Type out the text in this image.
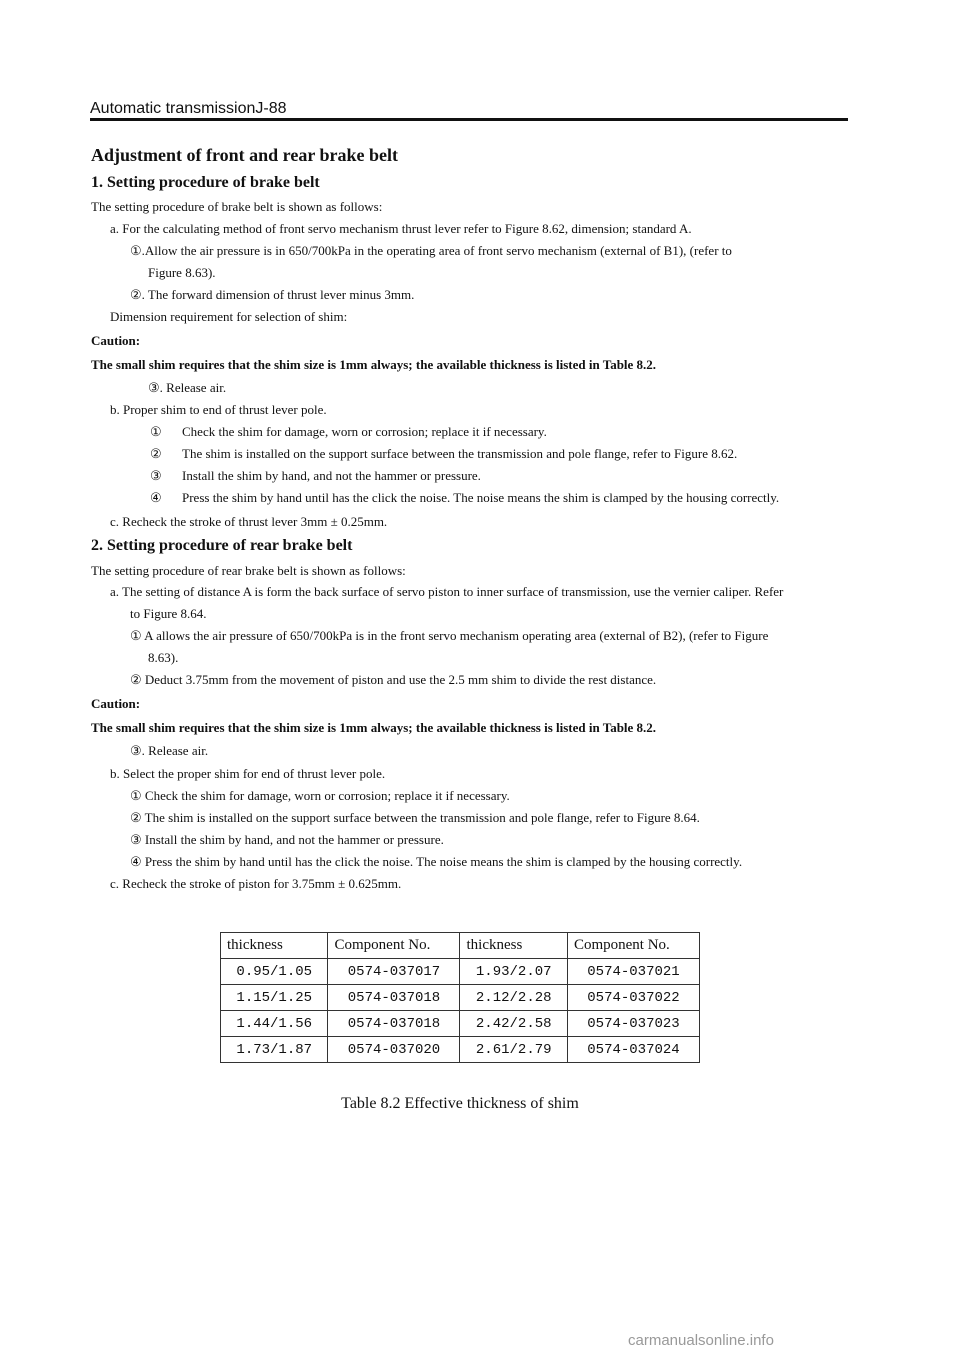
Automatic transmissionJ-88
Adjustment of front and rear brake belt
1. Setting procedure of brake belt
The setting procedure of brake belt is shown as follows:
a. For the calculating method of front servo mechanism thrust lever refer to Figure 8.62, dimension; standard A.
①.Allow the air pressure is in 650/700kPa in the operating area of front servo mechanism (external of B1), (refer to
Figure 8.63).
②. The forward dimension of thrust lever minus 3mm.
Dimension requirement for selection of shim:
Caution:
The small shim requires that the shim size is 1mm always; the available thickness is listed in Table 8.2.
③. Release air.
b. Proper shim to end of thrust lever pole.
① Check the shim for damage, worn or corrosion; replace it if necessary.
② The shim is installed on the support surface between the transmission and pole flange, refer to Figure 8.62.
③ Install the shim by hand, and not the hammer or pressure.
④ Press the shim by hand until has the click the noise. The noise means the shim is clamped by the housing correctly.
c. Recheck the stroke of thrust lever 3mm ± 0.25mm.
2. Setting procedure of rear brake belt
The setting procedure of rear brake belt is shown as follows:
a. The setting of distance A is form the back surface of servo piston to inner surface of transmission, use the vernier caliper. Refer
to Figure 8.64.
① A allows the air pressure of 650/700kPa is in the front servo mechanism operating area (external of B2), (refer to Figure
8.63).
② Deduct 3.75mm from the movement of piston and use the 2.5 mm shim to divide the rest distance.
Caution:
The small shim requires that the shim size is 1mm always; the available thickness is listed in Table 8.2.
③. Release air.
b. Select the proper shim for end of thrust lever pole.
① Check the shim for damage, worn or corrosion; replace it if necessary.
② The shim is installed on the support surface between the transmission and pole flange, refer to Figure 8.64.
③ Install the shim by hand, and not the hammer or pressure.
④ Press the shim by hand until has the click the noise. The noise means the shim is clamped by the housing correctly.
c. Recheck the stroke of piston for 3.75mm ± 0.625mm.
thickness	Component No.	thickness	Component No.
0.95/1.05	0574-037017	1.93/2.07	0574-037021
1.15/1.25	0574-037018	2.12/2.28	0574-037022
1.44/1.56	0574-037018	2.42/2.58	0574-037023
1.73/1.87	0574-037020	2.61/2.79	0574-037024
Table 8.2 Effective thickness of shim
carmanualsonline.info
